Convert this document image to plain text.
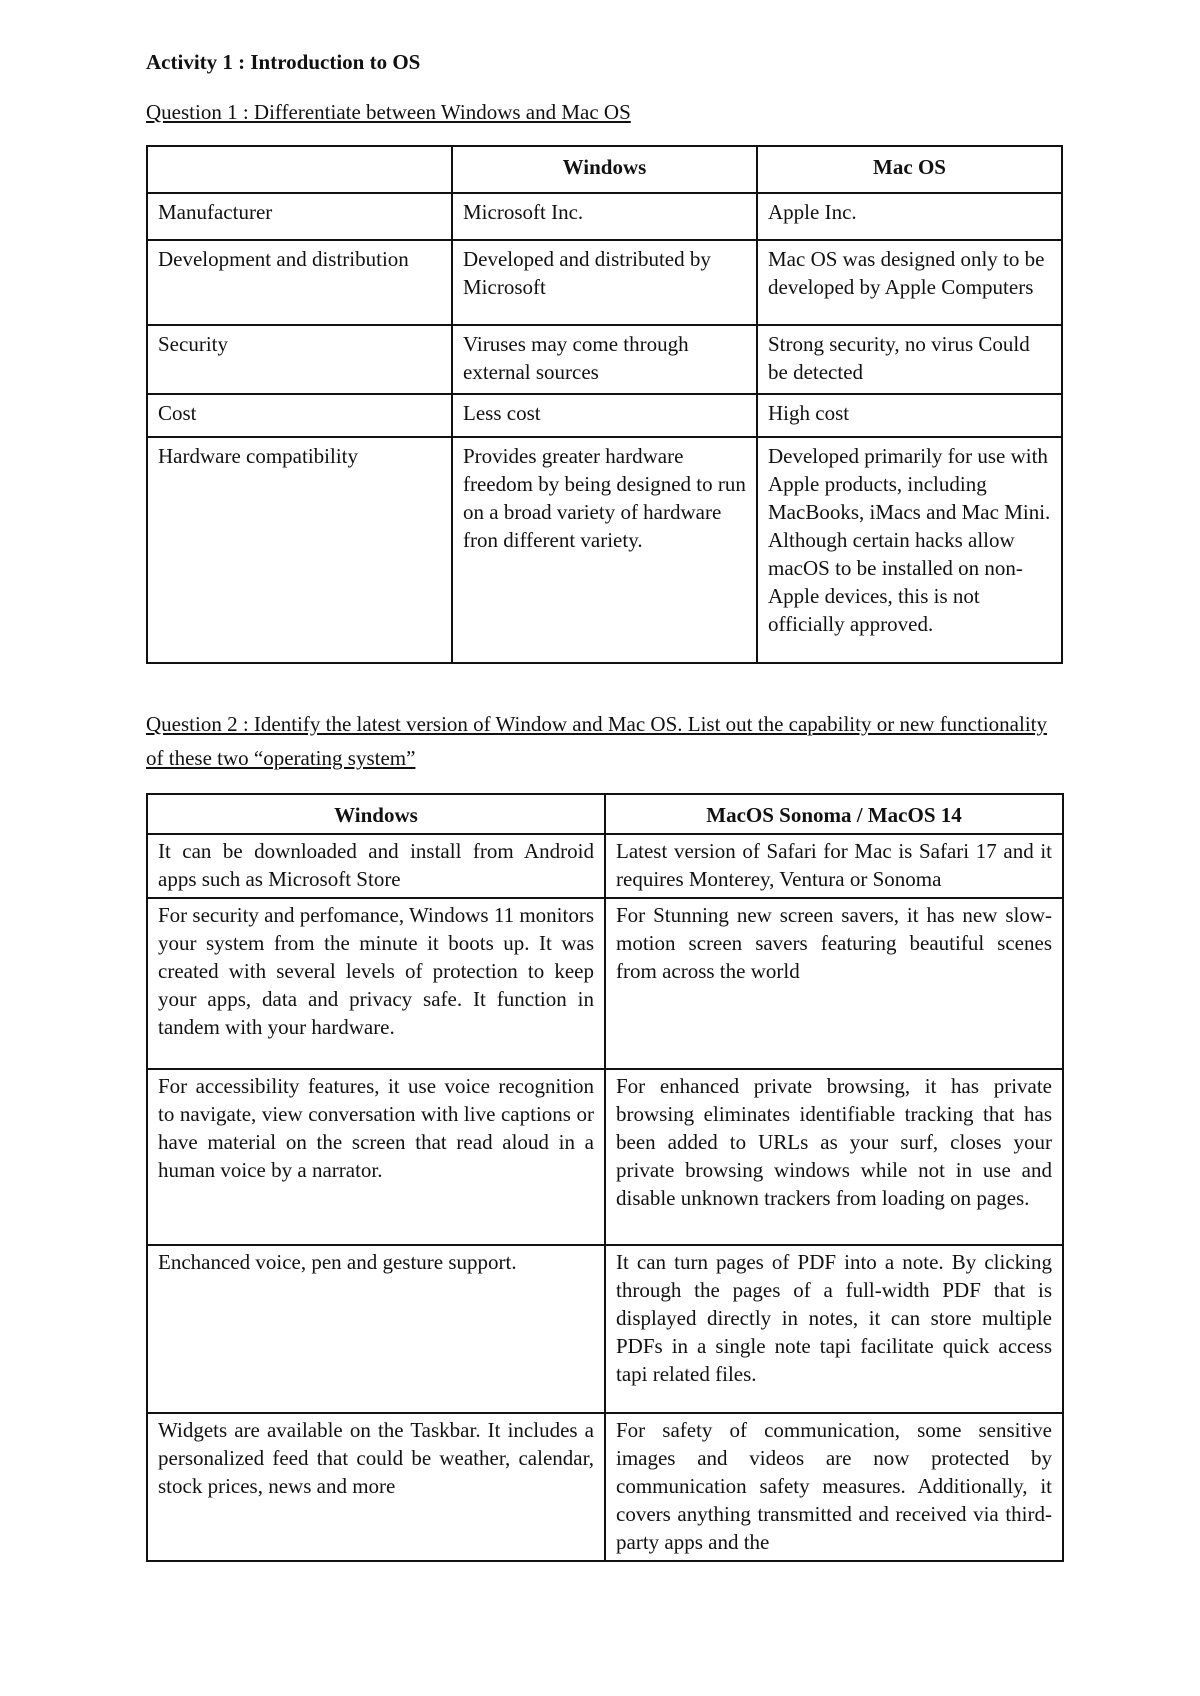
Activity 1 : Introduction to OS
Question 1 : Differentiate between Windows and Mac OS
	Windows	Mac OS
Manufacturer	Microsoft Inc.	Apple Inc.
Development and distribution	Developed and distributed by Microsoft	Mac OS was designed only to be developed by Apple Computers
Security	Viruses may come through external sources	Strong security, no virus Could be detected
Cost	Less cost	High cost
Hardware compatibility	Provides greater hardware freedom by being designed to run on a broad variety of hardware fron different variety.	Developed primarily for use with Apple products, including MacBooks, iMacs and Mac Mini. Although certain hacks allow macOS to be installed on non-Apple devices, this is not officially approved.
Question 2 : Identify the latest version of Window and Mac OS. List out the capability or new functionality of these two “operating system”
Windows	MacOS Sonoma / MacOS 14
It can be downloaded and install from Android apps such as Microsoft Store	Latest version of Safari for Mac is Safari 17 and it requires Monterey, Ventura or Sonoma
For security and perfomance, Windows 11 monitors your system from the minute it boots up. It was created with several levels of protection to keep your apps, data and privacy safe. It function in tandem with your hardware.	For Stunning new screen savers, it has new slow-motion screen savers featuring beautiful scenes from across the world
For accessibility features, it use voice recognition to navigate, view conversation with live captions or have material on the screen that read aloud in a human voice by a narrator.	For enhanced private browsing, it has private browsing eliminates identifiable tracking that has been added to URLs as your surf, closes your private browsing windows while not in use and disable unknown trackers from loading on pages.
Enchanced voice, pen and gesture support.	It can turn pages of PDF into a note. By clicking through the pages of a full-width PDF that is displayed directly in notes, it can store multiple PDFs in a single note tapi facilitate quick access tapi related files.
Widgets are available on the Taskbar. It includes a personalized feed that could be weather, calendar, stock prices, news and more	For safety of communication, some sensitive images and videos are now protected by communication safety measures. Additionally, it covers anything transmitted and received via third-party apps and the
